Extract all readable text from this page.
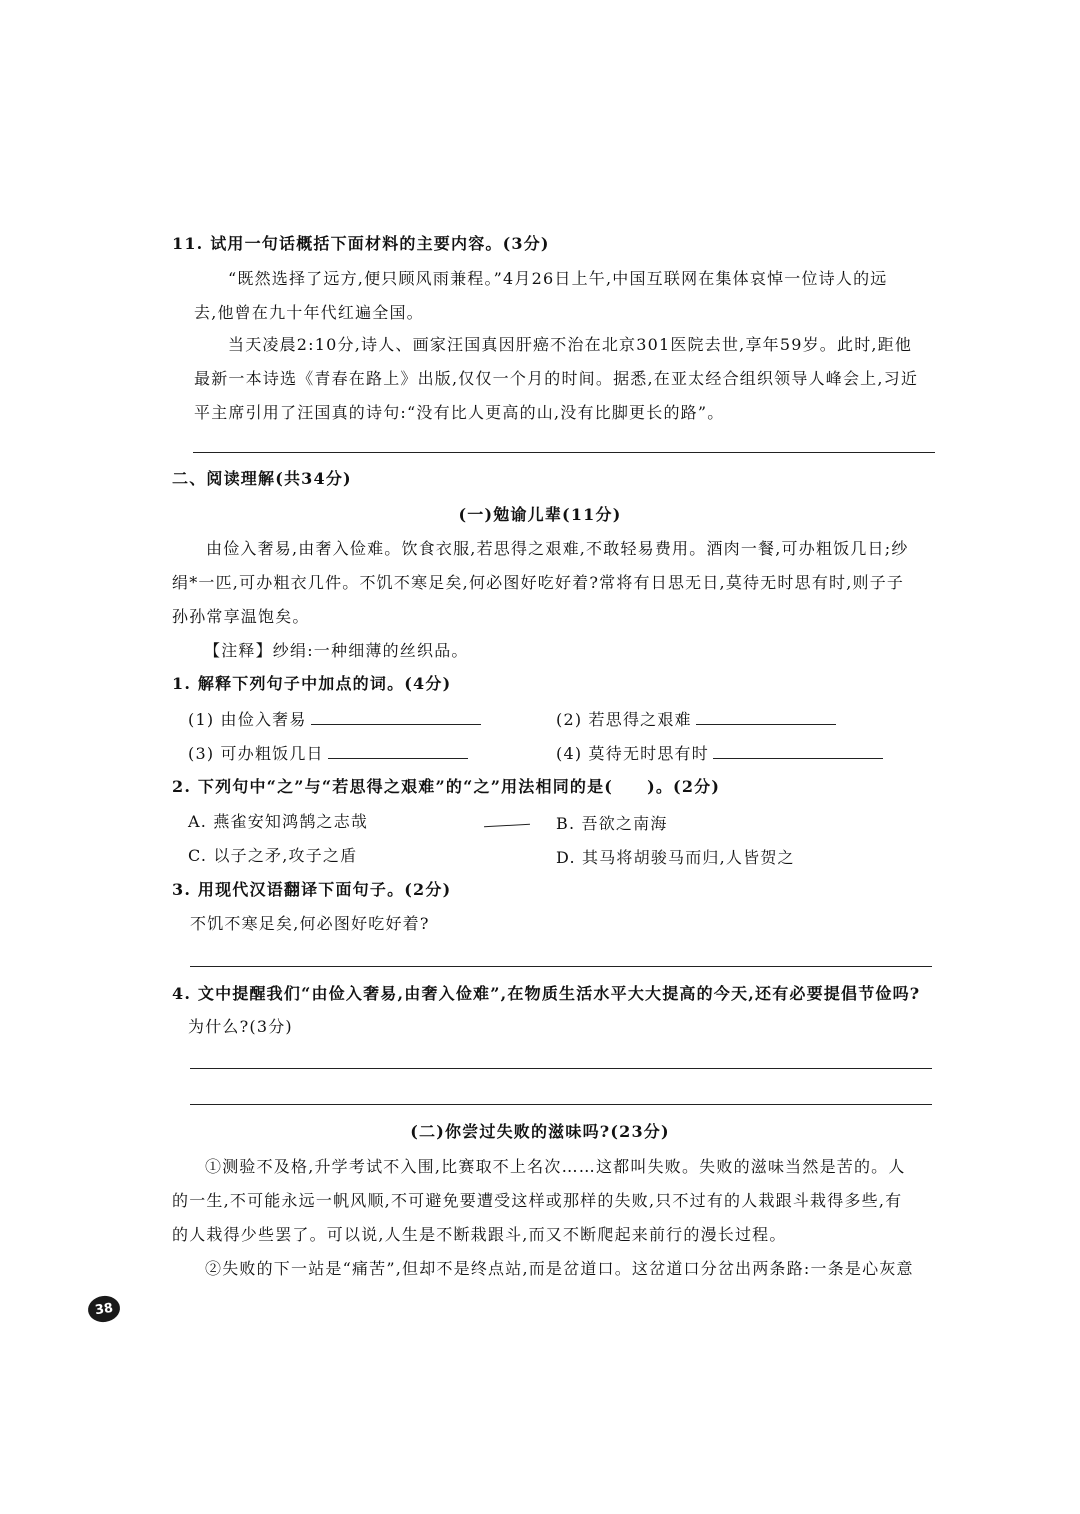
11. 试用一句话概括下面材料的主要内容。(3分)
“既然选择了远方,便只顾风雨兼程。”4月26日上午,中国互联网在集体哀悼一位诗人的远
去,他曾在九十年代红遍全国。
当天凌晨2:10分,诗人、画家汪国真因肝癌不治在北京301医院去世,享年59岁。此时,距他
最新一本诗选《青春在路上》出版,仅仅一个月的时间。据悉,在亚太经合组织领导人峰会上,习近
平主席引用了汪国真的诗句:“没有比人更高的山,没有比脚更长的路”。
二、阅读理解(共34分)
(一)勉谕儿辈(11分)
由俭入奢易,由奢入俭难。饮食衣服,若思得之艰难,不敢轻易费用。酒肉一餐,可办粗饭几日;纱
绢*一匹,可办粗衣几件。不饥不寒足矣,何必图好吃好着?常将有日思无日,莫待无时思有时,则子子
孙孙常享温饱矣。
【注释】纱绢:一种细薄的丝织品。
1. 解释下列句子中加点的词。(4分)
(1) 由俭入奢易	(2) 若思得之艰难
(3) 可办粗饭几日	(4) 莫待无时思有时
2. 下列句中“之”与“若思得之艰难”的“之”用法相同的是( )。(2分)
A. 燕雀安知鸿鹄之志哉	B. 吾欲之南海
C. 以子之矛,攻子之盾	D. 其马将胡骏马而归,人皆贺之
3. 用现代汉语翻译下面句子。(2分)
不饥不寒足矣,何必图好吃好着?
4. 文中提醒我们“由俭入奢易,由奢入俭难”,在物质生活水平大大提高的今天,还有必要提倡节俭吗?
为什么?(3分)
(二)你尝过失败的滋味吗?(23分)
①测验不及格,升学考试不入围,比赛取不上名次……这都叫失败。失败的滋味当然是苦的。人
的一生,不可能永远一帆风顺,不可避免要遭受这样或那样的失败,只不过有的人栽跟斗栽得多些,有
的人栽得少些罢了。可以说,人生是不断栽跟斗,而又不断爬起来前行的漫长过程。
②失败的下一站是“痛苦”,但却不是终点站,而是岔道口。这岔道口分岔出两条路:一条是心灰意
38
